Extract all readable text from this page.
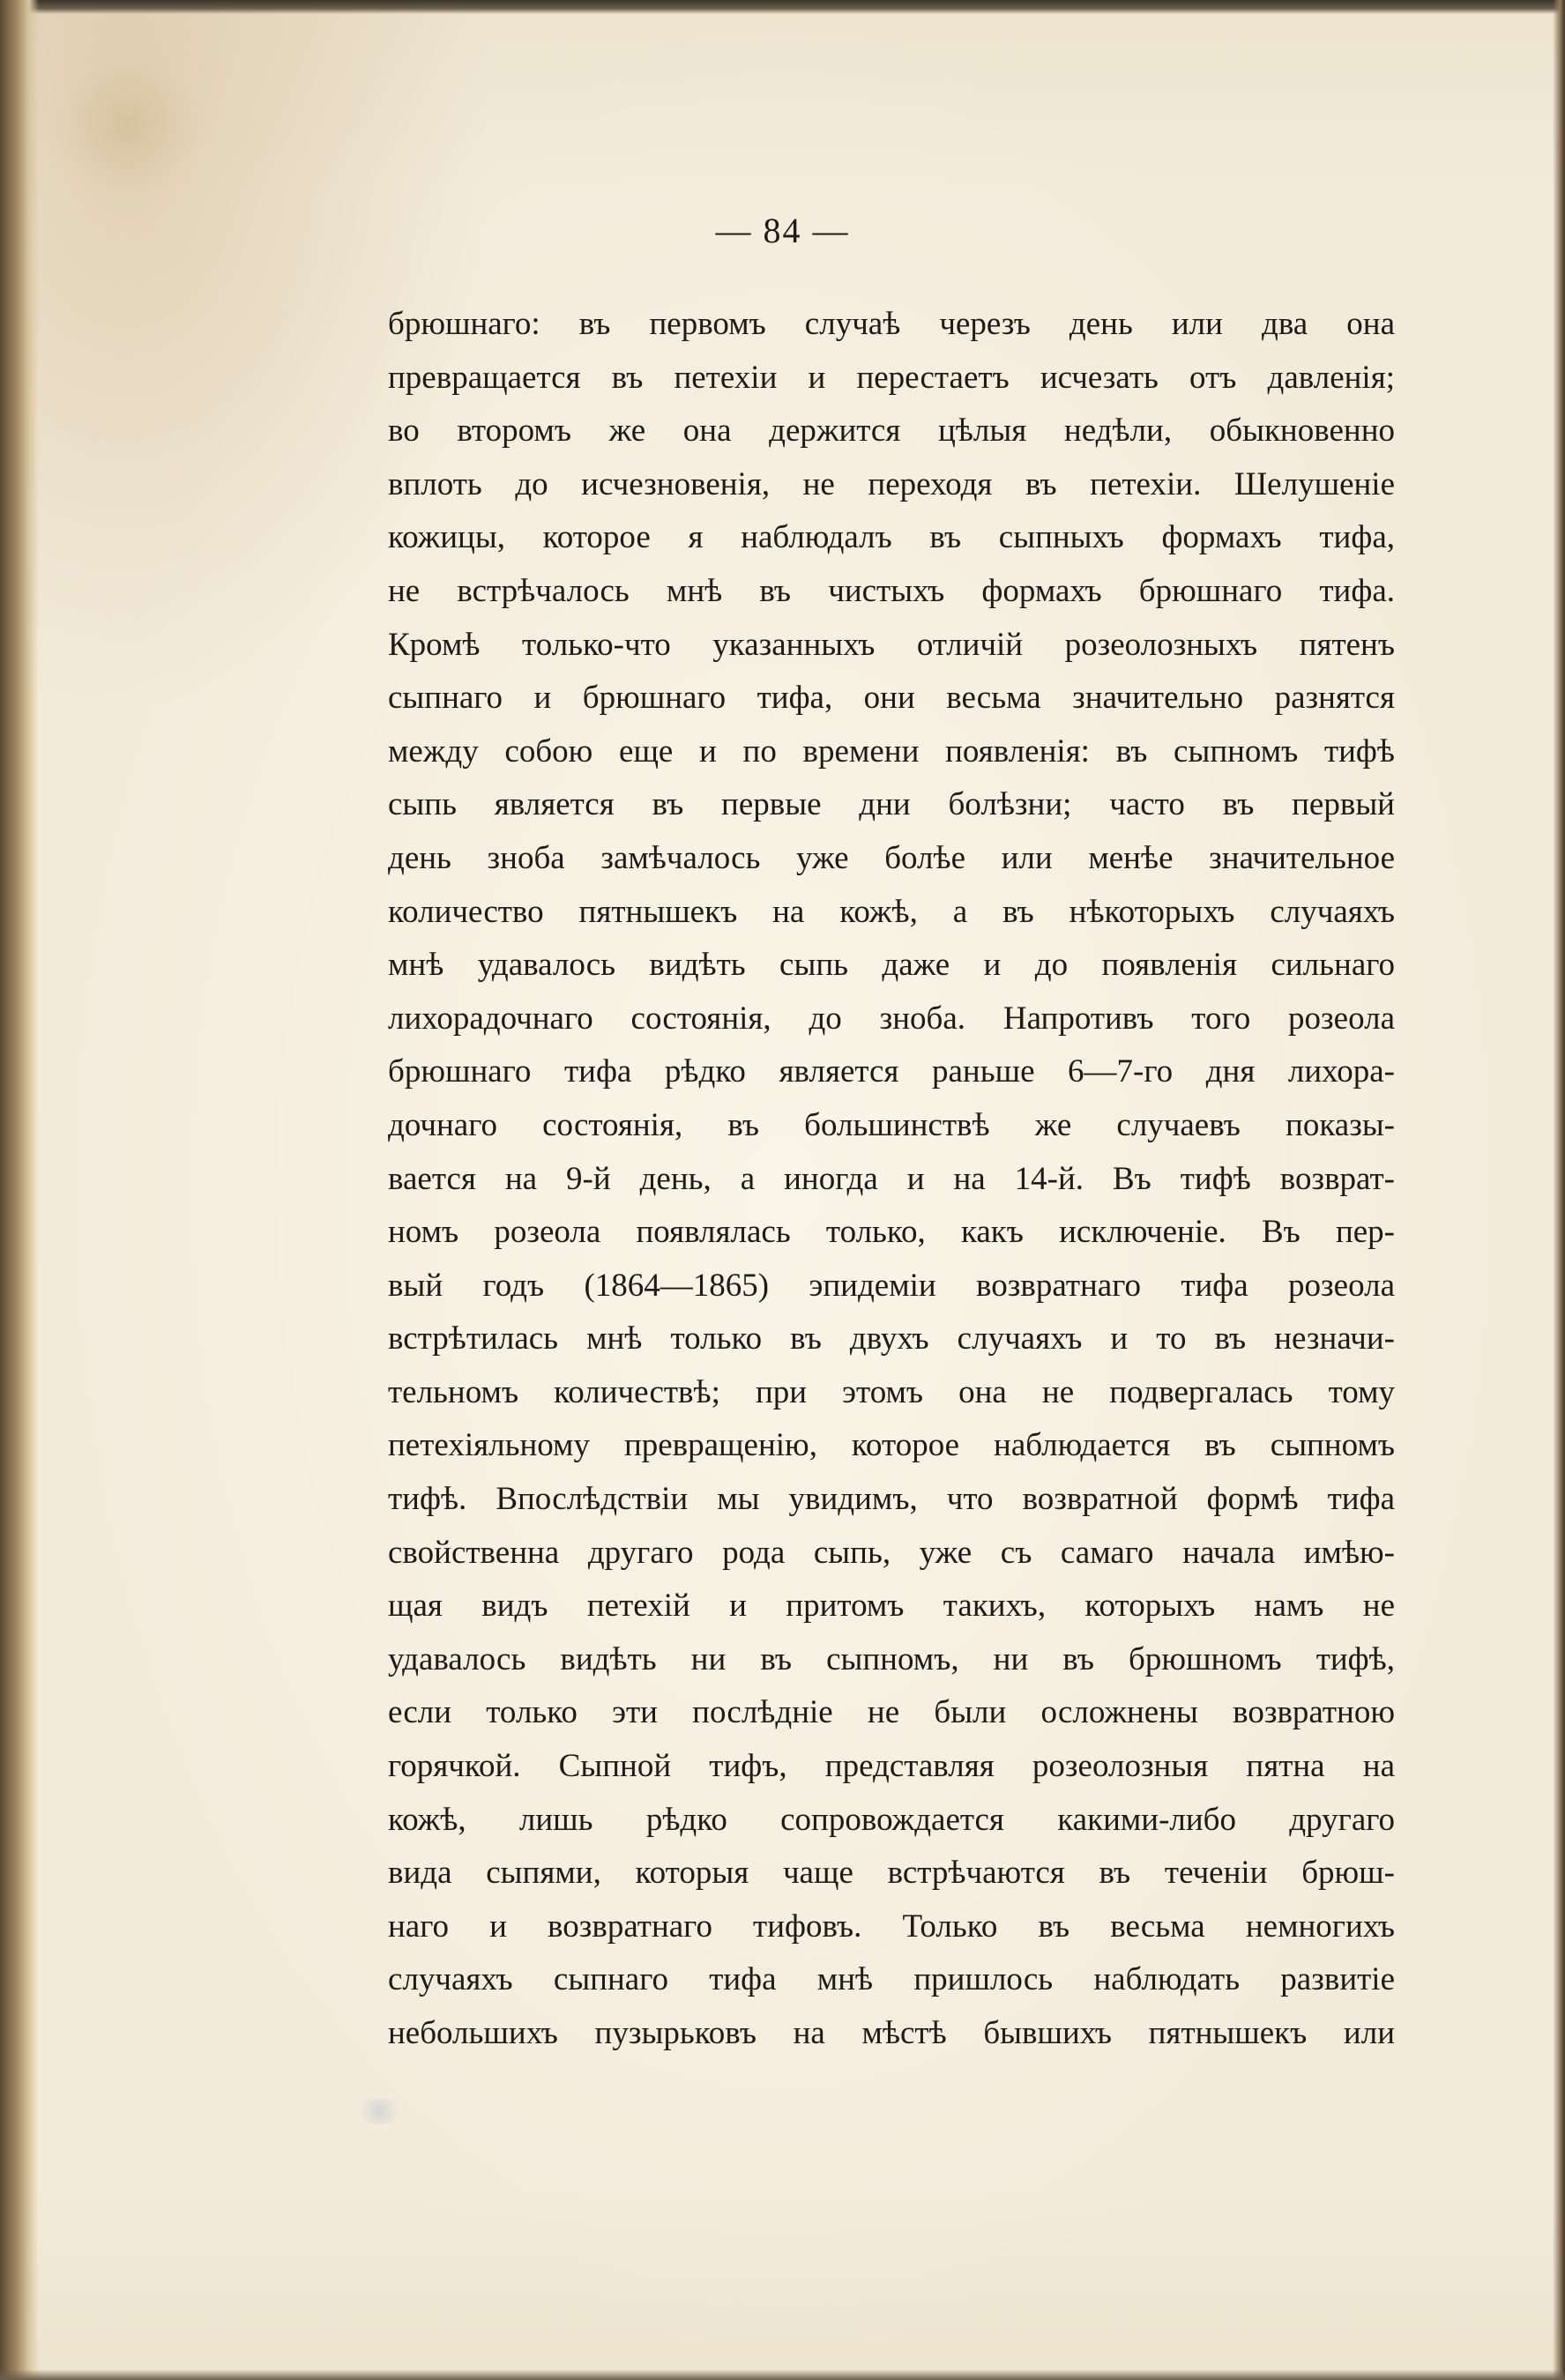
— 84 —
брюшнаго: въ первомъ случаѣ черезъ день или два она
превращается въ петехіи и перестаетъ исчезать отъ давленія;
во второмъ же она держится цѣлыя недѣли, обыкновенно
вплоть до исчезновенія, не переходя въ петехіи. Шелушеніе
кожицы, которое я наблюдалъ въ сыпныхъ формахъ тифа,
не встрѣчалось мнѣ въ чистыхъ формахъ брюшнаго тифа.
Кромѣ только-что указанныхъ отличій розеолозныхъ пятенъ
сыпнаго и брюшнаго тифа, они весьма значительно разнятся
между собою еще и по времени появленія: въ сыпномъ тифѣ
сыпь является въ первые дни болѣзни; часто въ первый
день зноба замѣчалось уже болѣе или менѣе значительное
количество пятнышекъ на кожѣ, а въ нѣкоторыхъ случаяхъ
мнѣ удавалось видѣть сыпь даже и до появленія сильнаго
лихорадочнаго состоянія, до зноба. Напротивъ того розеола
брюшнаго тифа рѣдко является раньше 6—7-го дня лихора-
дочнаго состоянія, въ большинствѣ же случаевъ показы-
вается на 9-й день, а иногда и на 14-й. Въ тифѣ возврат-
номъ розеола появлялась только, какъ исключеніе. Въ пер-
вый годъ (1864—1865) эпидеміи возвратнаго тифа розеола
встрѣтилась мнѣ только въ двухъ случаяхъ и то въ незначи-
тельномъ количествѣ; при этомъ она не подвергалась тому
петехіяльному превращенію, которое наблюдается въ сыпномъ
тифѣ. Впослѣдствіи мы увидимъ, что возвратной формѣ тифа
свойственна другаго рода сыпь, уже съ самаго начала имѣю-
щая видъ петехій и притомъ такихъ, которыхъ намъ не
удавалось видѣть ни въ сыпномъ, ни въ брюшномъ тифѣ,
если только эти послѣдніе не были осложнены возвратною
горячкой. Сыпной тифъ, представляя розеолозныя пятна на
кожѣ, лишь рѣдко сопровождается какими-либо другаго
вида сыпями, которыя чаще встрѣчаются въ теченіи брюш-
наго и возвратнаго тифовъ. Только въ весьма немногихъ
случаяхъ сыпнаго тифа мнѣ пришлось наблюдать развитіе
небольшихъ пузырьковъ на мѣстѣ бывшихъ пятнышекъ или
